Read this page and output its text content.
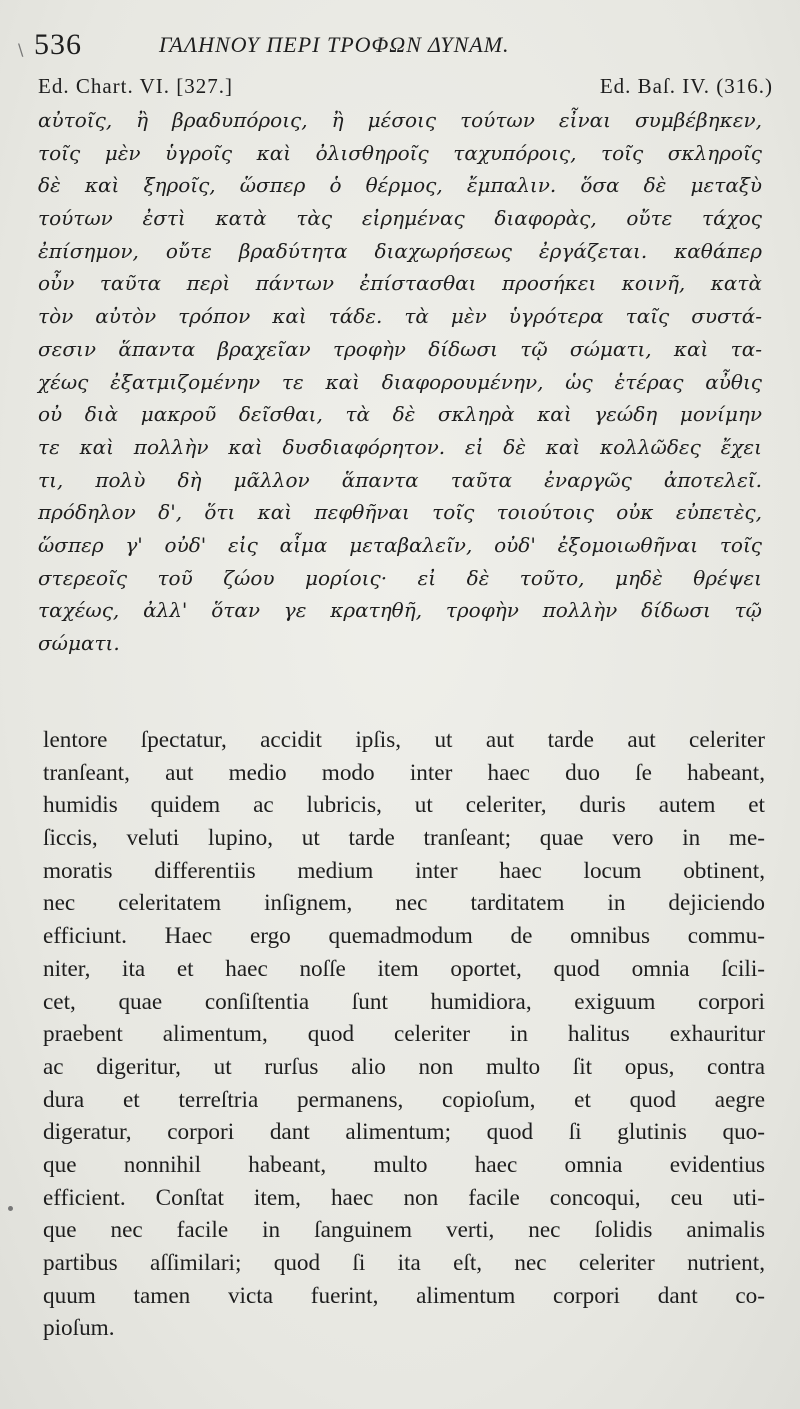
\ 536	ΓΑΛΗΝΟΥ ΠΕΡΙ ΤΡΟΦΩΝ ΔΥΝΑΜ.
Ed. Chart. VI. [327.]	Ed. Baſ. IV. (316.)
αὐτοῖς, ἢ βραδυπόροις, ἢ μέσοις τούτων εἶναι συμβέβηκεν,
τοῖς μὲν ὑγροῖς καὶ ὀλισθηροῖς ταχυπόροις, τοῖς σκληροῖς
δὲ καὶ ξηροῖς, ὥσπερ ὁ θέρμος, ἔμπαλιν. ὅσα δὲ μεταξὺ
τούτων ἐστὶ κατὰ τὰς εἰρημένας διαφορὰς, οὔτε τάχος
ἐπίσημον, οὔτε βραδύτητα διαχωρήσεως ἐργάζεται. καθάπερ
οὖν ταῦτα περὶ πάντων ἐπίστασθαι προσήκει κοινῆ, κατὰ
τὸν αὐτὸν τρόπον καὶ τάδε. τὰ μὲν ὑγρότερα ταῖς συστά-
σεσιν ἅπαντα βραχεῖαν τροφὴν δίδωσι τῷ σώματι, καὶ τα-
χέως ἐξατμιζομένην τε καὶ διαφορουμένην, ὡς ἑτέρας αὖθις
οὐ διὰ μακροῦ δεῖσθαι, τὰ δὲ σκληρὰ καὶ γεώδη μονίμην
τε καὶ πολλὴν καὶ δυσδιαφόρητον. εἰ δὲ καὶ κολλῶδες ἔχει
τι, πολὺ δὴ μᾶλλον ἅπαντα ταῦτα ἐναργῶς ἀποτελεῖ.
πρόδηλον δ', ὅτι καὶ πεφθῆναι τοῖς τοιούτοις οὐκ εὐπετὲς,
ὥσπερ γ' οὐδ' εἰς αἷμα μεταβαλεῖν, οὐδ' ἐξομοιωθῆναι τοῖς
στερεοῖς τοῦ ζώου μορίοις· εἰ δὲ τοῦτο, μηδὲ θρέψει
ταχέως, ἀλλ' ὅταν γε κρατηθῆ, τροφὴν πολλὴν δίδωσι τῷ
σώματι.
lentore ſpectatur, accidit ipſis, ut aut tarde aut celeriter
tranſeant, aut medio modo inter haec duo ſe habeant,
humidis quidem ac lubricis, ut celeriter, duris autem et
ſiccis, veluti lupino, ut tarde tranſeant; quae vero in me-
moratis differentiis medium inter haec locum obtinent,
nec celeritatem inſignem, nec tarditatem in dejiciendo
efficiunt. Haec ergo quemadmodum de omnibus commu-
niter, ita et haec noſſe item oportet, quod omnia ſcili-
cet, quae conſiſtentia ſunt humidiora, exiguum corpori
praebent alimentum, quod celeriter in halitus exhauritur
ac digeritur, ut rurſus alio non multo ſit opus, contra
dura et terreſtria permanens, copioſum, et quod aegre
digeratur, corpori dant alimentum; quod ſi glutinis quo-
que nonnihil habeant, multo haec omnia evidentius
efficient. Conſtat item, haec non facile concoqui, ceu uti-
que nec facile in ſanguinem verti, nec ſolidis animalis
partibus aſſimilari; quod ſi ita eſt, nec celeriter nutrient,
quum tamen victa fuerint, alimentum corpori dant co-
pioſum.
